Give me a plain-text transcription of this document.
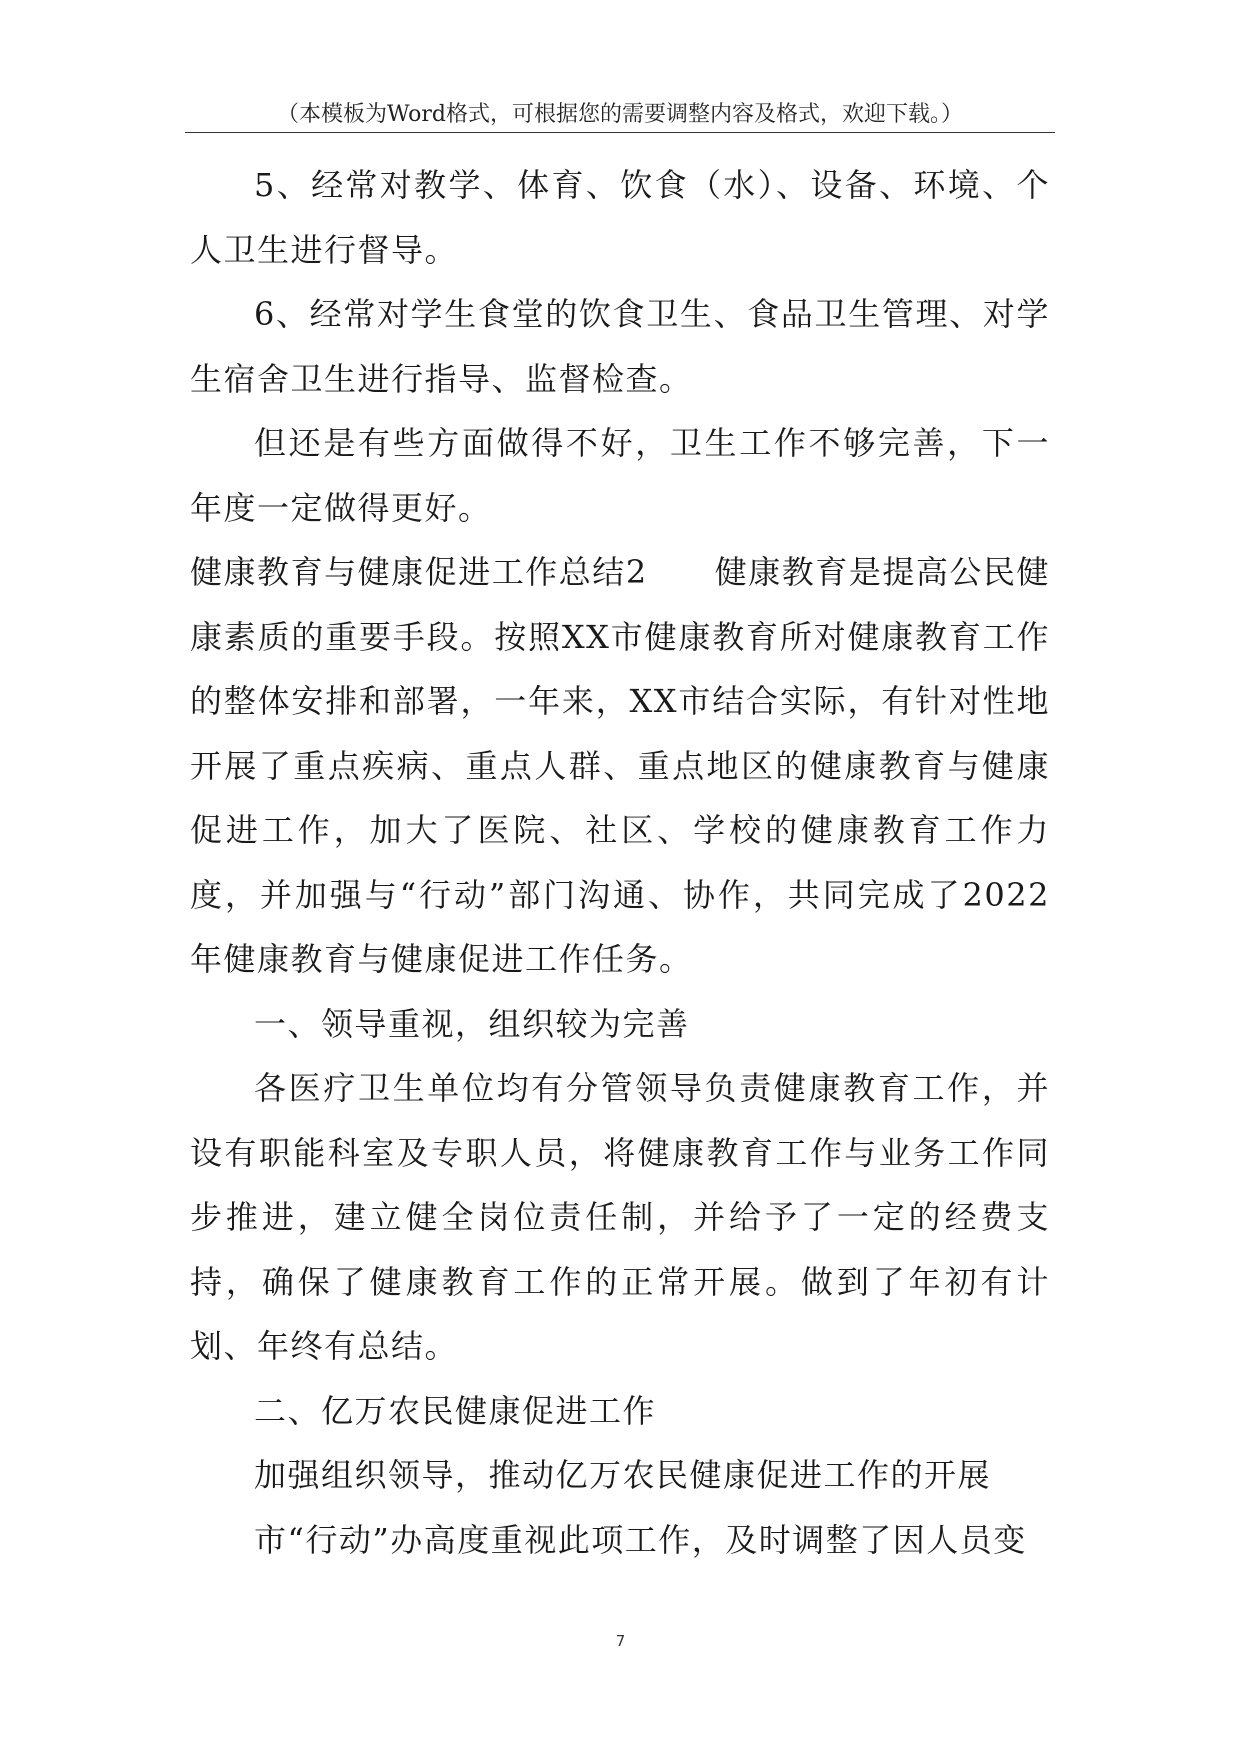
（本模板为Word格式，可根据您的需要调整内容及格式，欢迎下载。）

5、经常对教学、体育、饮食（水）、设备、环境、个人卫生进行督导。

6、经常对学生食堂的饮食卫生、食品卫生管理、对学生宿舍卫生进行指导、监督检查。

但还是有些方面做得不好，卫生工作不够完善，下一年度一定做得更好。

健康教育与健康促进工作总结2　　健康教育是提高公民健康素质的重要手段。按照XX市健康教育所对健康教育工作的整体安排和部署，一年来，XX市结合实际，有针对性地开展了重点疾病、重点人群、重点地区的健康教育与健康促进工作，加大了医院、社区、学校的健康教育工作力度，并加强与“行动”部门沟通、协作，共同完成了2022年健康教育与健康促进工作任务。

一、领导重视，组织较为完善

各医疗卫生单位均有分管领导负责健康教育工作，并设有职能科室及专职人员，将健康教育工作与业务工作同步推进，建立健全岗位责任制，并给予了一定的经费支持，确保了健康教育工作的正常开展。做到了年初有计划、年终有总结。

二、亿万农民健康促进工作

加强组织领导，推动亿万农民健康促进工作的开展

市“行动”办高度重视此项工作，及时调整了因人员变

7
